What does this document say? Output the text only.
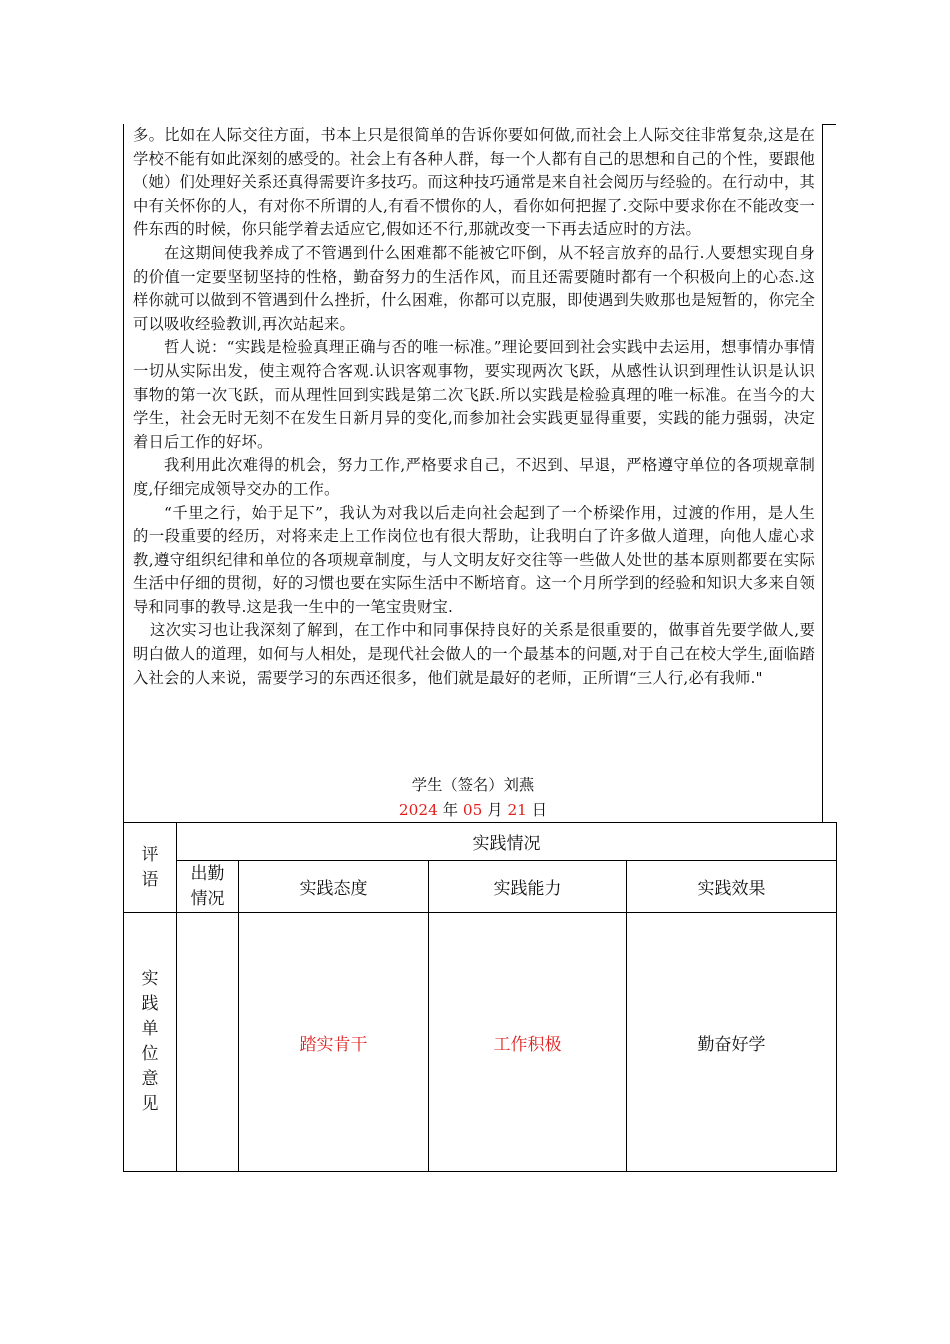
多。比如在人际交往方面，书本上只是很简单的告诉你要如何做,而社会上人际交往非常复杂,这是在学校不能有如此深刻的感受的。社会上有各种人群，每一个人都有自己的思想和自己的个性，要跟他（她）们处理好关系还真得需要许多技巧。而这种技巧通常是来自社会阅历与经验的。在行动中，其中有关怀你的人，有对你不所谓的人,有看不惯你的人，看你如何把握了.交际中要求你在不能改变一件东西的时候，你只能学着去适应它,假如还不行,那就改变一下再去适应时的方法。

在这期间使我养成了不管遇到什么困难都不能被它吓倒，从不轻言放弃的品行.人要想实现自身的价值一定要坚韧坚持的性格，勤奋努力的生活作风，而且还需要随时都有一个积极向上的心态.这样你就可以做到不管遇到什么挫折，什么困难，你都可以克服，即使遇到失败那也是短暂的，你完全可以吸收经验教训,再次站起来。

哲人说：“实践是检验真理正确与否的唯一标准。”理论要回到社会实践中去运用，想事情办事情一切从实际出发，使主观符合客观.认识客观事物，要实现两次飞跃，从感性认识到理性认识是认识事物的第一次飞跃，而从理性回到实践是第二次飞跃.所以实践是检验真理的唯一标准。在当今的大学生，社会无时无刻不在发生日新月异的变化,而参加社会实践更显得重要，实践的能力强弱，决定着日后工作的好坏。

我利用此次难得的机会，努力工作,严格要求自己，不迟到、早退，严格遵守单位的各项规章制度,仔细完成领导交办的工作。

“千里之行，始于足下”，我认为对我以后走向社会起到了一个桥梁作用，过渡的作用，是人生的一段重要的经历，对将来走上工作岗位也有很大帮助，让我明白了许多做人道理，向他人虚心求教,遵守组织纪律和单位的各项规章制度，与人文明友好交往等一些做人处世的基本原则都要在实际生活中仔细的贯彻，好的习惯也要在实际生活中不断培育。这一个月所学到的经验和知识大多来自领导和同事的教导.这是我一生中的一笔宝贵财宝.

这次实习也让我深刻了解到，在工作中和同事保持良好的关系是很重要的，做事首先要学做人,要明白做人的道理，如何与人相处，是现代社会做人的一个最基本的问题,对于自己在校大学生,面临踏入社会的人来说，需要学习的东西还很多，他们就是最好的老师，正所谓“三人行,必有我师."

学生（签名）刘燕
2024 年 05 月 21 日
评语	实践情况			
	出勤情况	实践态度	实践能力	实践效果
实践单位意见		踏实肯干	工作积极	勤奋好学
